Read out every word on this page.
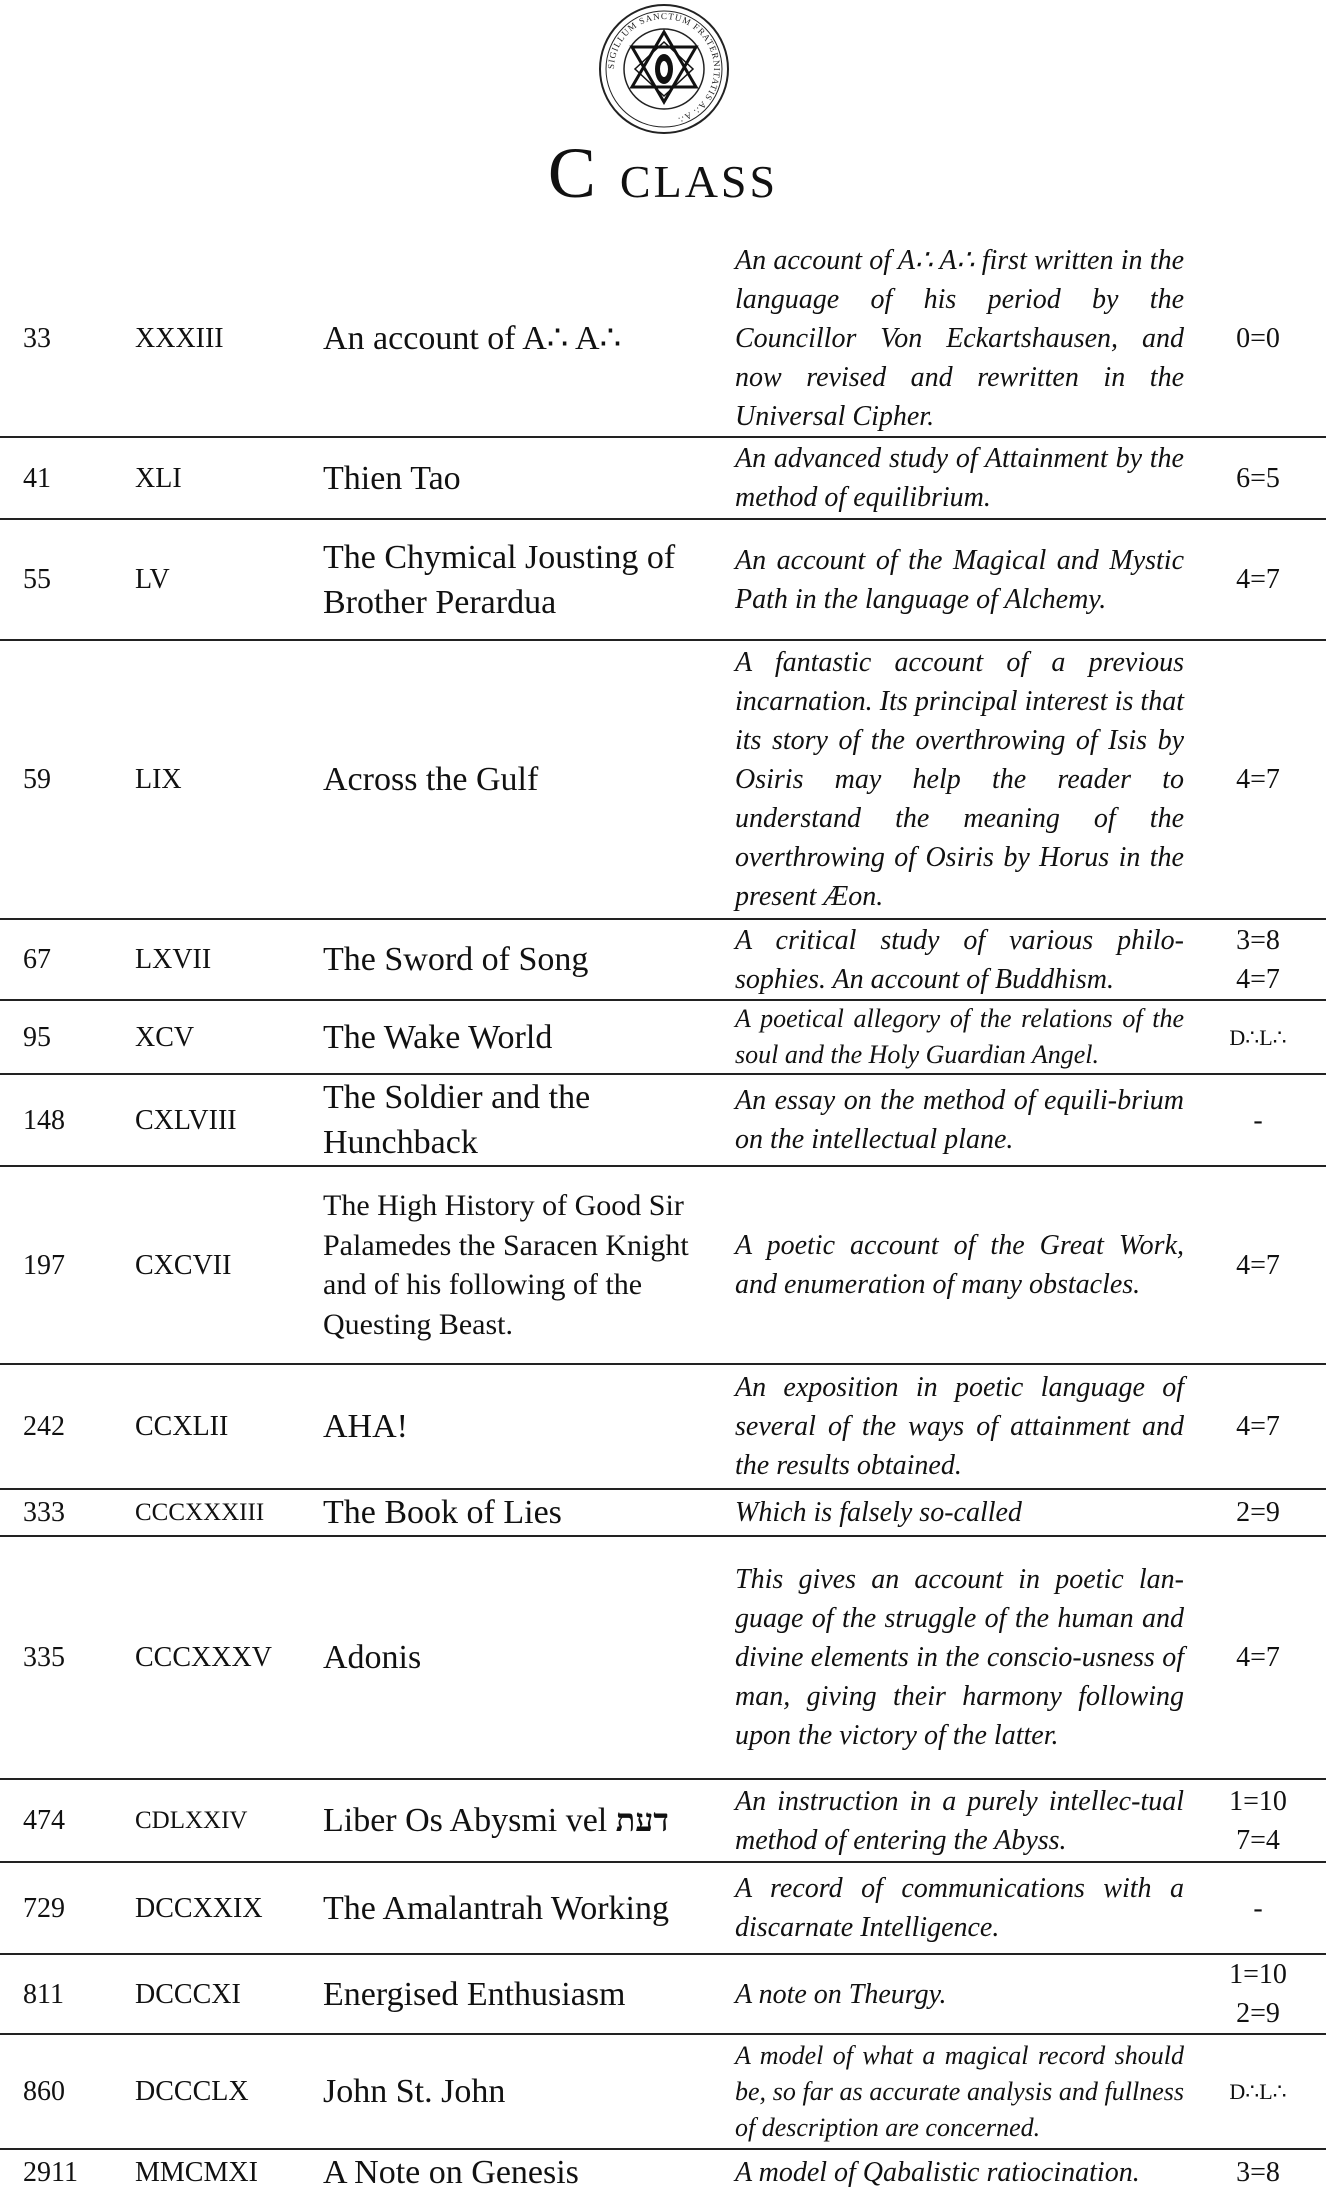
SIGILLUM SANCTUM FRATERNITATIS A∴ A∴
C CLASS
33	XXXIII	An account of A∴ A∴	An account of A∴ A∴ first written in the language of his period by the Councillor Von Eckartshausen, and now revised and rewritten in the Universal Cipher.	0=0

41	XLI	Thien Tao	An advanced study of Attainment by the method of equilibrium.	6=5

55	LV	The Chymical Jousting of Brother Perardua	An account of the Magical and Mystic Path in the language of Alchemy.	4=7

59	LIX	Across the Gulf	A fantastic account of a previous incarnation. Its principal interest is that its story of the overthrowing of Isis by Osiris may help the reader to understand the meaning of the overthrowing of Osiris by Horus in the present Æon.	4=7

67	LXVII	The Sword of Song	A critical study of various philo-sophies. An account of Buddhism.	3=8
4=7

95	XCV	The Wake World	A poetical allegory of the relations of the soul and the Holy Guardian Angel.	D∴L∴

148	CXLVIII	The Soldier and the Hunchback	An essay on the method of equili-brium on the intellectual plane.	-

197	CXCVII	The High History of Good Sir Palamedes the Saracen Knight and of his following of the Questing Beast.	A poetic account of the Great Work, and enumeration of many obstacles.	4=7

242	CCXLII	AHA!	An exposition in poetic language of several of the ways of attainment and the results obtained.	4=7

333	CCCXXXIII	The Book of Lies	Which is falsely so-called	2=9

335	CCCXXXV	Adonis	This gives an account in poetic lan-guage of the struggle of the human and divine elements in the conscio-usness of man, giving their harmony following upon the victory of the latter.	4=7

474	CDLXXIV	Liber Os Abysmi vel דעת	An instruction in a purely intellec-tual method of entering the Abyss.	1=10
7=4

729	DCCXXIX	The Amalantrah Working	A record of communications with a discarnate Intelligence.	-

811	DCCCXI	Energised Enthusiasm	A note on Theurgy.	1=10
2=9

860	DCCCLX	John St. John	A model of what a magical record should be, so far as accurate analysis and fullness of description are concerned.	D∴L∴

2911	MMCMXI	A Note on Genesis	A model of Qabalistic ratiocination.	3=8
